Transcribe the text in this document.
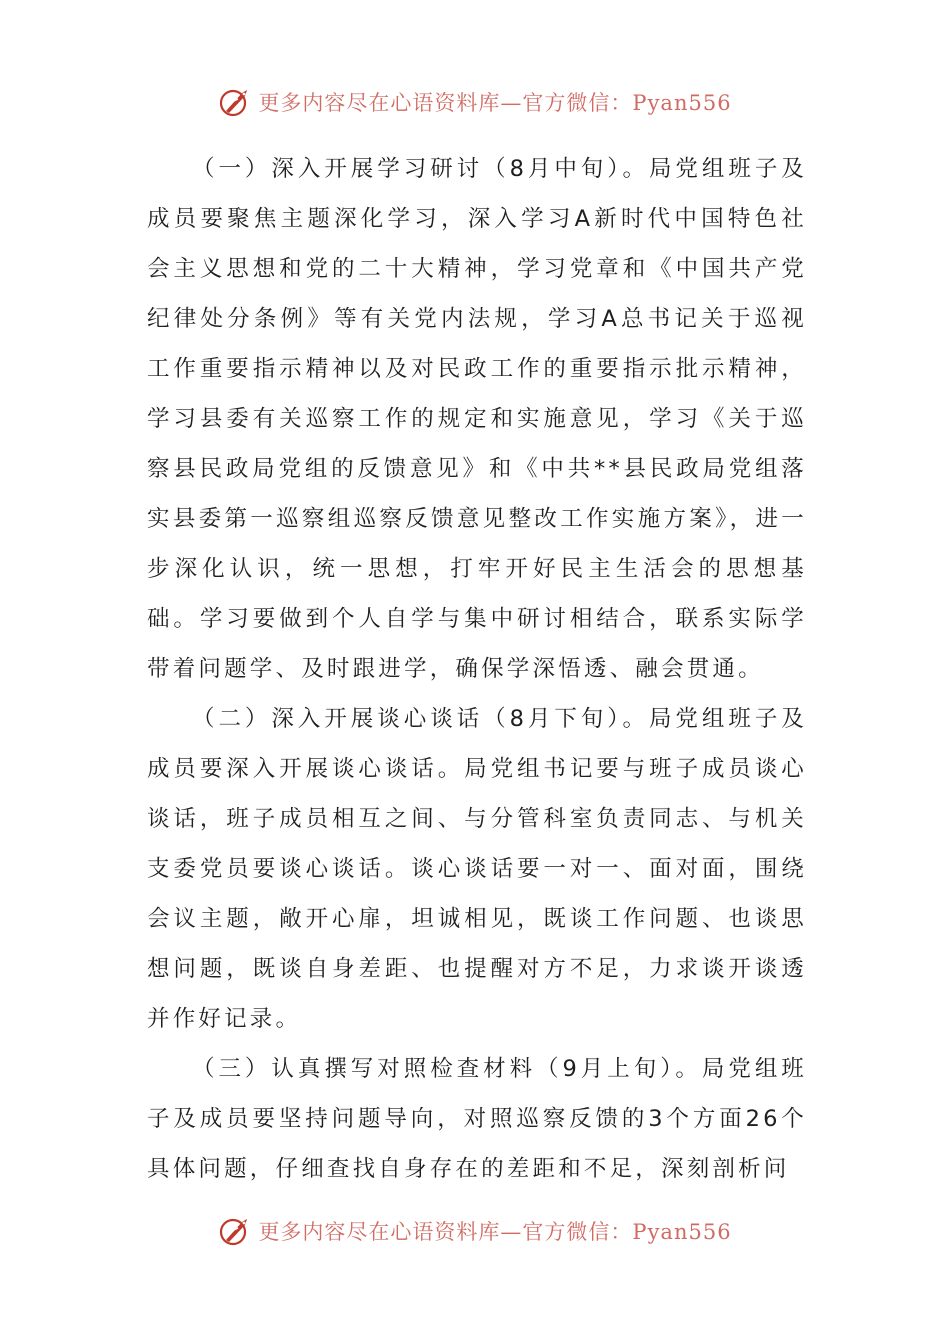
更多内容尽在心语资料库—官方微信：Pyan556

（一）深入开展学习研讨（8月中旬）。局党组班子及成员要聚焦主题深化学习，深入学习A新时代中国特色社会主义思想和党的二十大精神，学习党章和《中国共产党纪律处分条例》等有关党内法规，学习A总书记关于巡视工作重要指示精神以及对民政工作的重要指示批示精神，学习县委有关巡察工作的规定和实施意见，学习《关于巡察县民政局党组的反馈意见》和《中共**县民政局党组落实县委第一巡察组巡察反馈意见整改工作实施方案》，进一步深化认识，统一思想，打牢开好民主生活会的思想基础。学习要做到个人自学与集中研讨相结合，联系实际学带着问题学、及时跟进学，确保学深悟透、融会贯通。

（二）深入开展谈心谈话（8月下旬）。局党组班子及成员要深入开展谈心谈话。局党组书记要与班子成员谈心谈话，班子成员相互之间、与分管科室负责同志、与机关支委党员要谈心谈话。谈心谈话要一对一、面对面，围绕会议主题，敞开心扉，坦诚相见，既谈工作问题、也谈思想问题，既谈自身差距、也提醒对方不足，力求谈开谈透并作好记录。

（三）认真撰写对照检查材料（9月上旬）。局党组班子及成员要坚持问题导向，对照巡察反馈的3个方面26个具体问题，仔细查找自身存在的差距和不足，深刻剖析问

更多内容尽在心语资料库—官方微信：Pyan556
